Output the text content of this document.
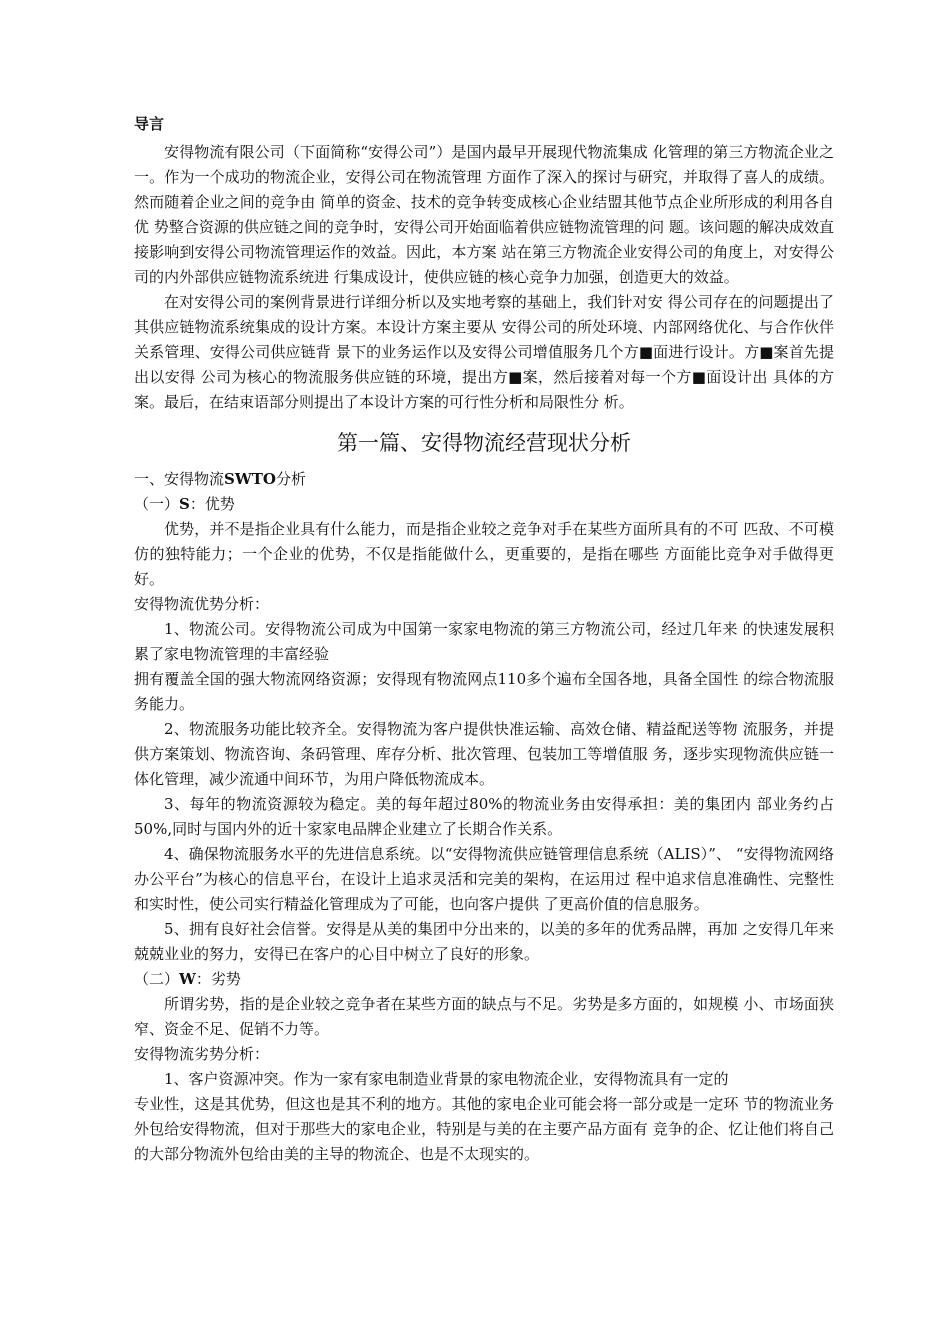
导言

安得物流有限公司（下面简称“安得公司”）是国内最早开展现代物流集成 化管理的第三方物流企业之一。作为一个成功的物流企业，安得公司在物流管理 方面作了深入的探讨与研究，并取得了喜人的成绩。然而随着企业之间的竞争由 简单的资金、技术的竞争转变成核心企业结盟其他节点企业所形成的利用各自优 势整合资源的供应链之间的竞争时，安得公司开始面临着供应链物流管理的问 题。该问题的解决成效直接影响到安得公司物流管理运作的效益。因此，本方案 站在第三方物流企业安得公司的角度上，对安得公司的内外部供应链物流系统进 行集成设计，使供应链的核心竞争力加强，创造更大的效益。

在对安得公司的案例背景进行详细分析以及实地考察的基础上，我们针对安 得公司存在的问题提出了其供应链物流系统集成的设计方案。本设计方案主要从 安得公司的所处环境、内部网络优化、与合作伙伴关系管理、安得公司供应链背 景下的业务运作以及安得公司增值服务几个方■面进行设计。方■案首先提出以安得 公司为核心的物流服务供应链的环境，提出方■案，然后接着对每一个方■面设计出 具体的方案。最后，在结束语部分则提出了本设计方案的可行性分析和局限性分 析。

第一篇、安得物流经营现状分析

一、安得物流SWTO分析

（一）S：优势

优势，并不是指企业具有什么能力，而是指企业较之竞争对手在某些方面所具有的不可 匹敌、不可模仿的独特能力；一个企业的优势，不仅是指能做什么，更重要的，是指在哪些 方面能比竞争对手做得更好。

安得物流优势分析：

1、物流公司。安得物流公司成为中国第一家家电物流的第三方物流公司，经过几年来 的快速发展积累了家电物流管理的丰富经验

拥有覆盖全国的强大物流网络资源；安得现有物流网点110多个遍布全国各地，具备全国性 的综合物流服务能力。

2、物流服务功能比较齐全。安得物流为客户提供快准运输、高效仓储、精益配送等物 流服务，并提供方案策划、物流咨询、条码管理、库存分析、批次管理、包装加工等增值服 务，逐步实现物流供应链一体化管理，减少流通中间环节，为用户降低物流成本。

3、每年的物流资源较为稳定。美的每年超过80%的物流业务由安得承担：美的集团内 部业务约占50%,同时与国内外的近十家家电品牌企业建立了长期合作关系。

4、确保物流服务水平的先进信息系统。以“安得物流供应链管理信息系统（ALIS）”、 “安得物流网络办公平台”为核心的信息平台，在设计上追求灵活和完美的架构，在运用过 程中追求信息准确性、完整性和实时性，使公司实行精益化管理成为了可能，也向客户提供 了更高价值的信息服务。

5、拥有良好社会信誉。安得是从美的集团中分出来的，以美的多年的优秀品牌，再加 之安得几年来兢兢业业的努力，安得已在客户的心目中树立了良好的形象。

（二）W：劣势

所谓劣势，指的是企业较之竞争者在某些方面的缺点与不足。劣势是多方面的，如规模 小、市场面狭窄、资金不足、促销不力等。

安得物流劣势分析：

1、客户资源冲突。作为一家有家电制造业背景的家电物流企业，安得物流具有一定的

专业性，这是其优势，但这也是其不利的地方。其他的家电企业可能会将一部分或是一定环 节的物流业务外包给安得物流，但对于那些大的家电企业，特别是与美的在主要产品方面有 竞争的企、忆让他们将自己的大部分物流外包给由美的主导的物流企、也是不太现实的。
